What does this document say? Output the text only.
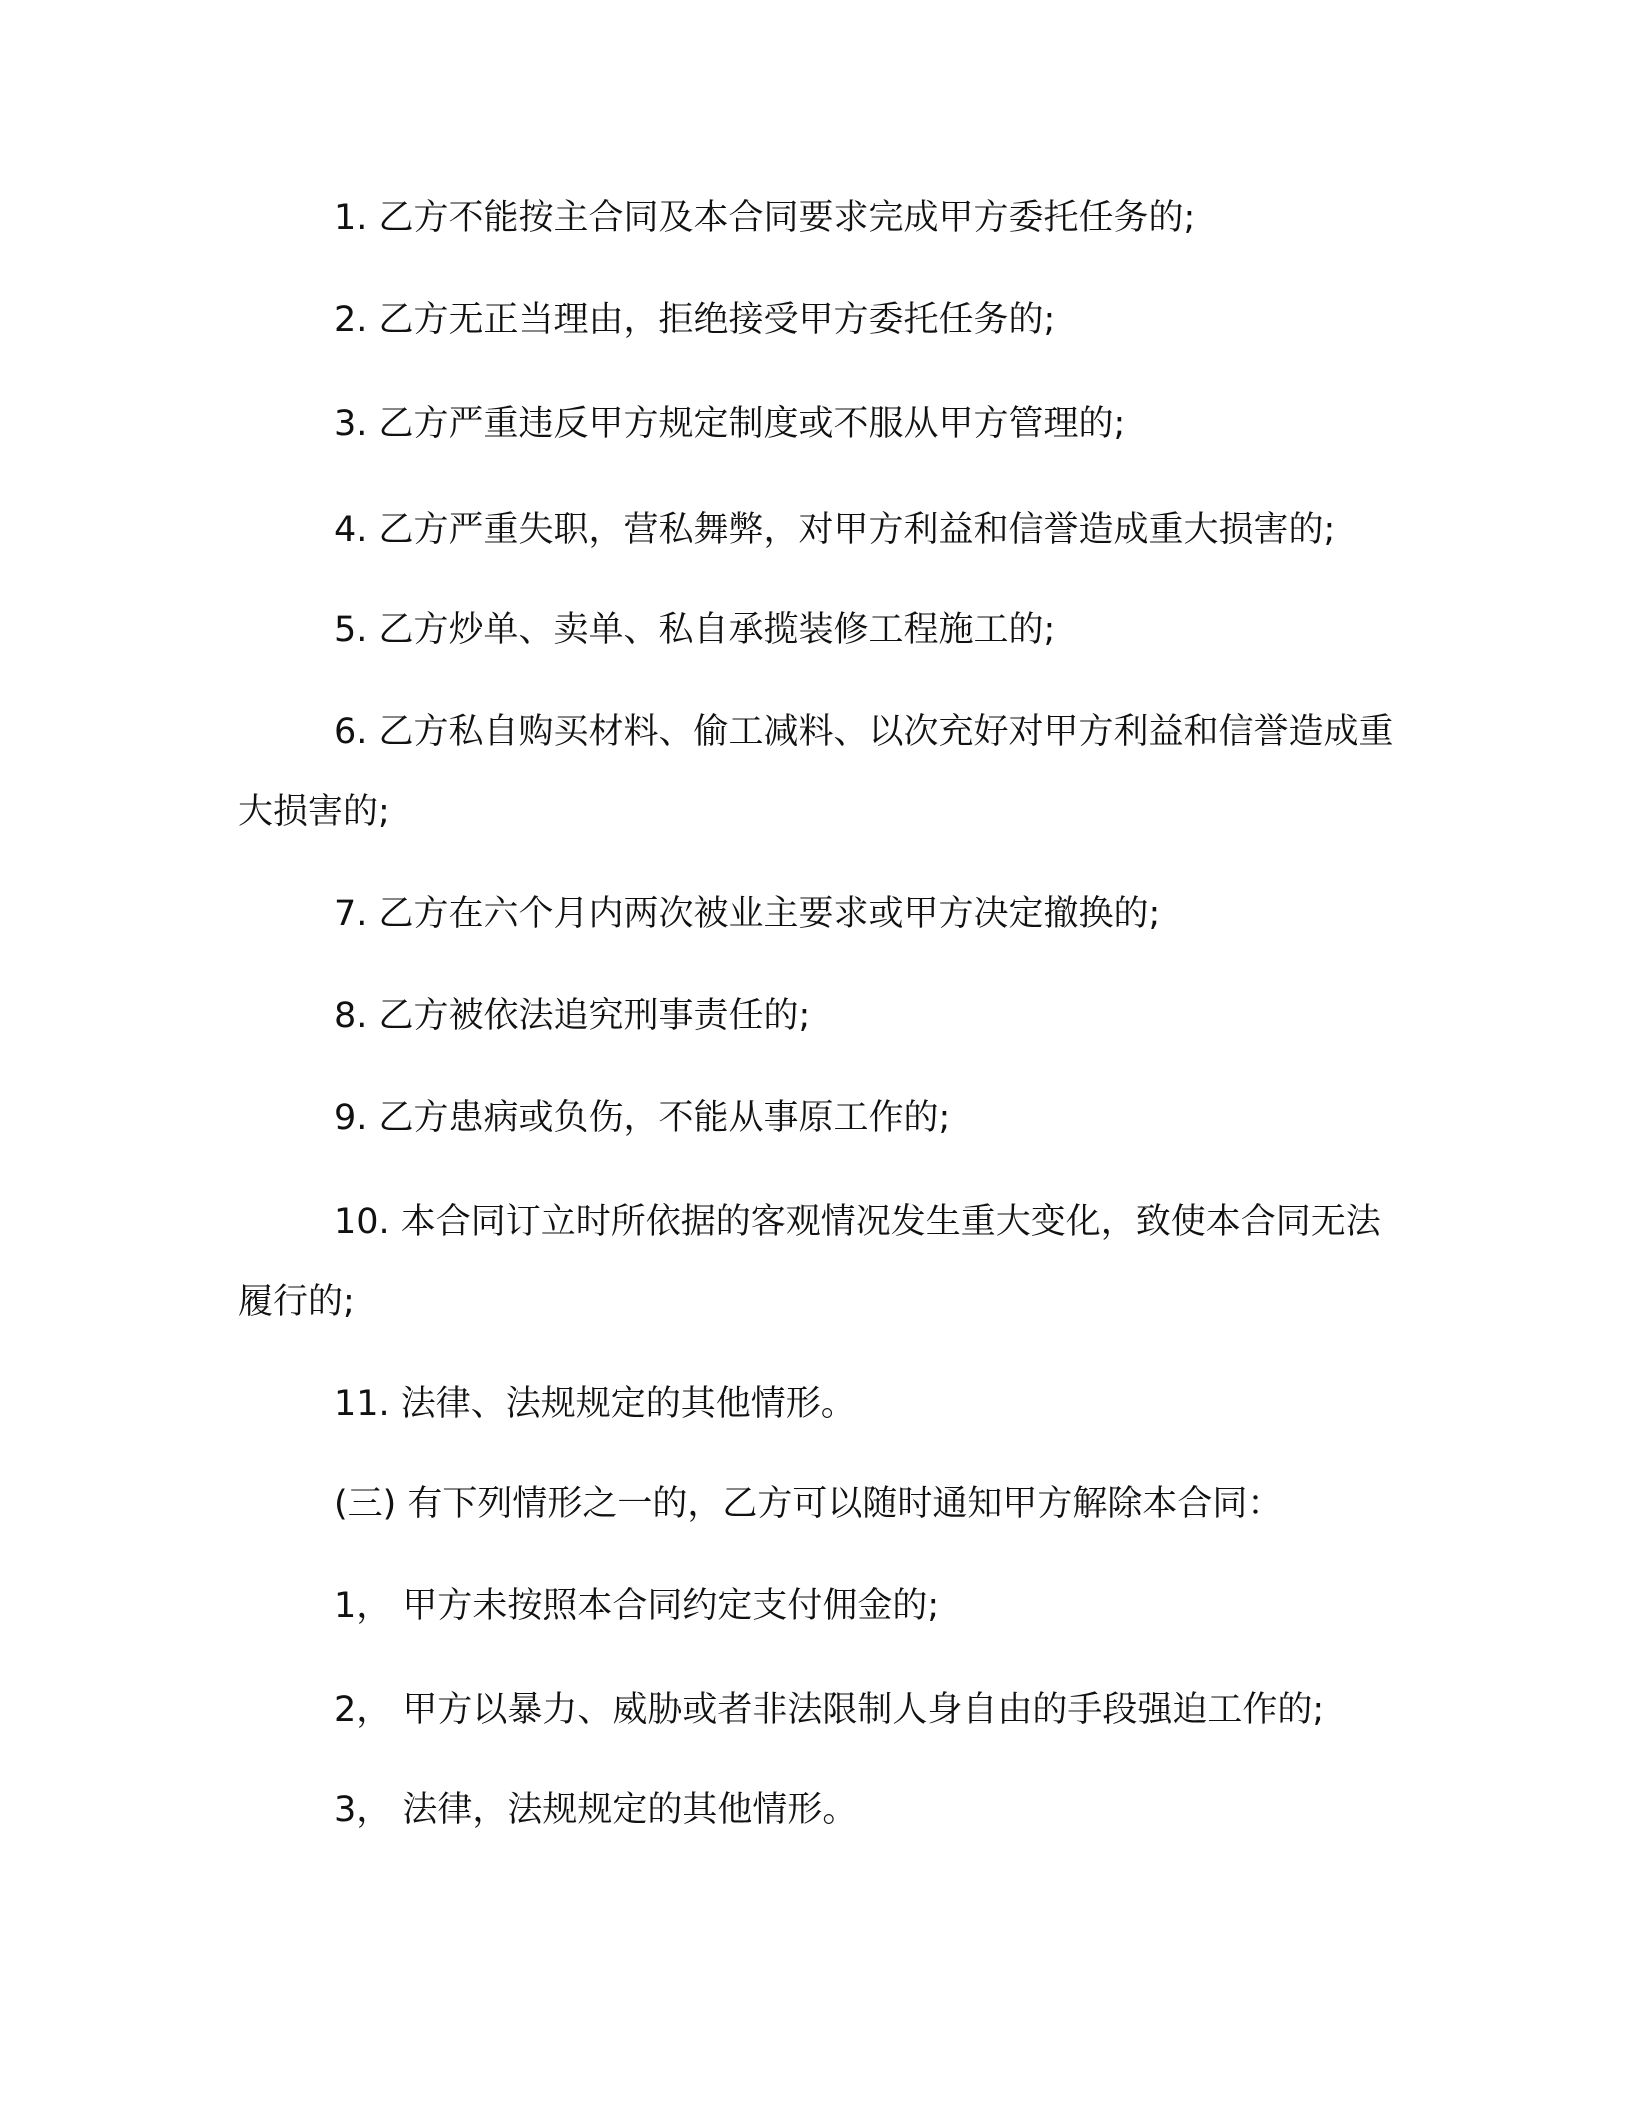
1. 乙方不能按主合同及本合同要求完成甲方委托任务的;

2. 乙方无正当理由，拒绝接受甲方委托任务的;

3. 乙方严重违反甲方规定制度或不服从甲方管理的;

4. 乙方严重失职，营私舞弊，对甲方利益和信誉造成重大损害的;

5. 乙方炒单、卖单、私自承揽装修工程施工的;

6. 乙方私自购买材料、偷工减料、以次充好对甲方利益和信誉造成重大损害的;

7. 乙方在六个月内两次被业主要求或甲方决定撤换的;

8. 乙方被依法追究刑事责任的;

9. 乙方患病或负伤，不能从事原工作的;

10. 本合同订立时所依据的客观情况发生重大变化，致使本合同无法履行的;

11. 法律、法规规定的其他情形。

(三) 有下列情形之一的，乙方可以随时通知甲方解除本合同：

1， 甲方未按照本合同约定支付佣金的;

2， 甲方以暴力、威胁或者非法限制人身自由的手段强迫工作的;

3， 法律，法规规定的其他情形。
